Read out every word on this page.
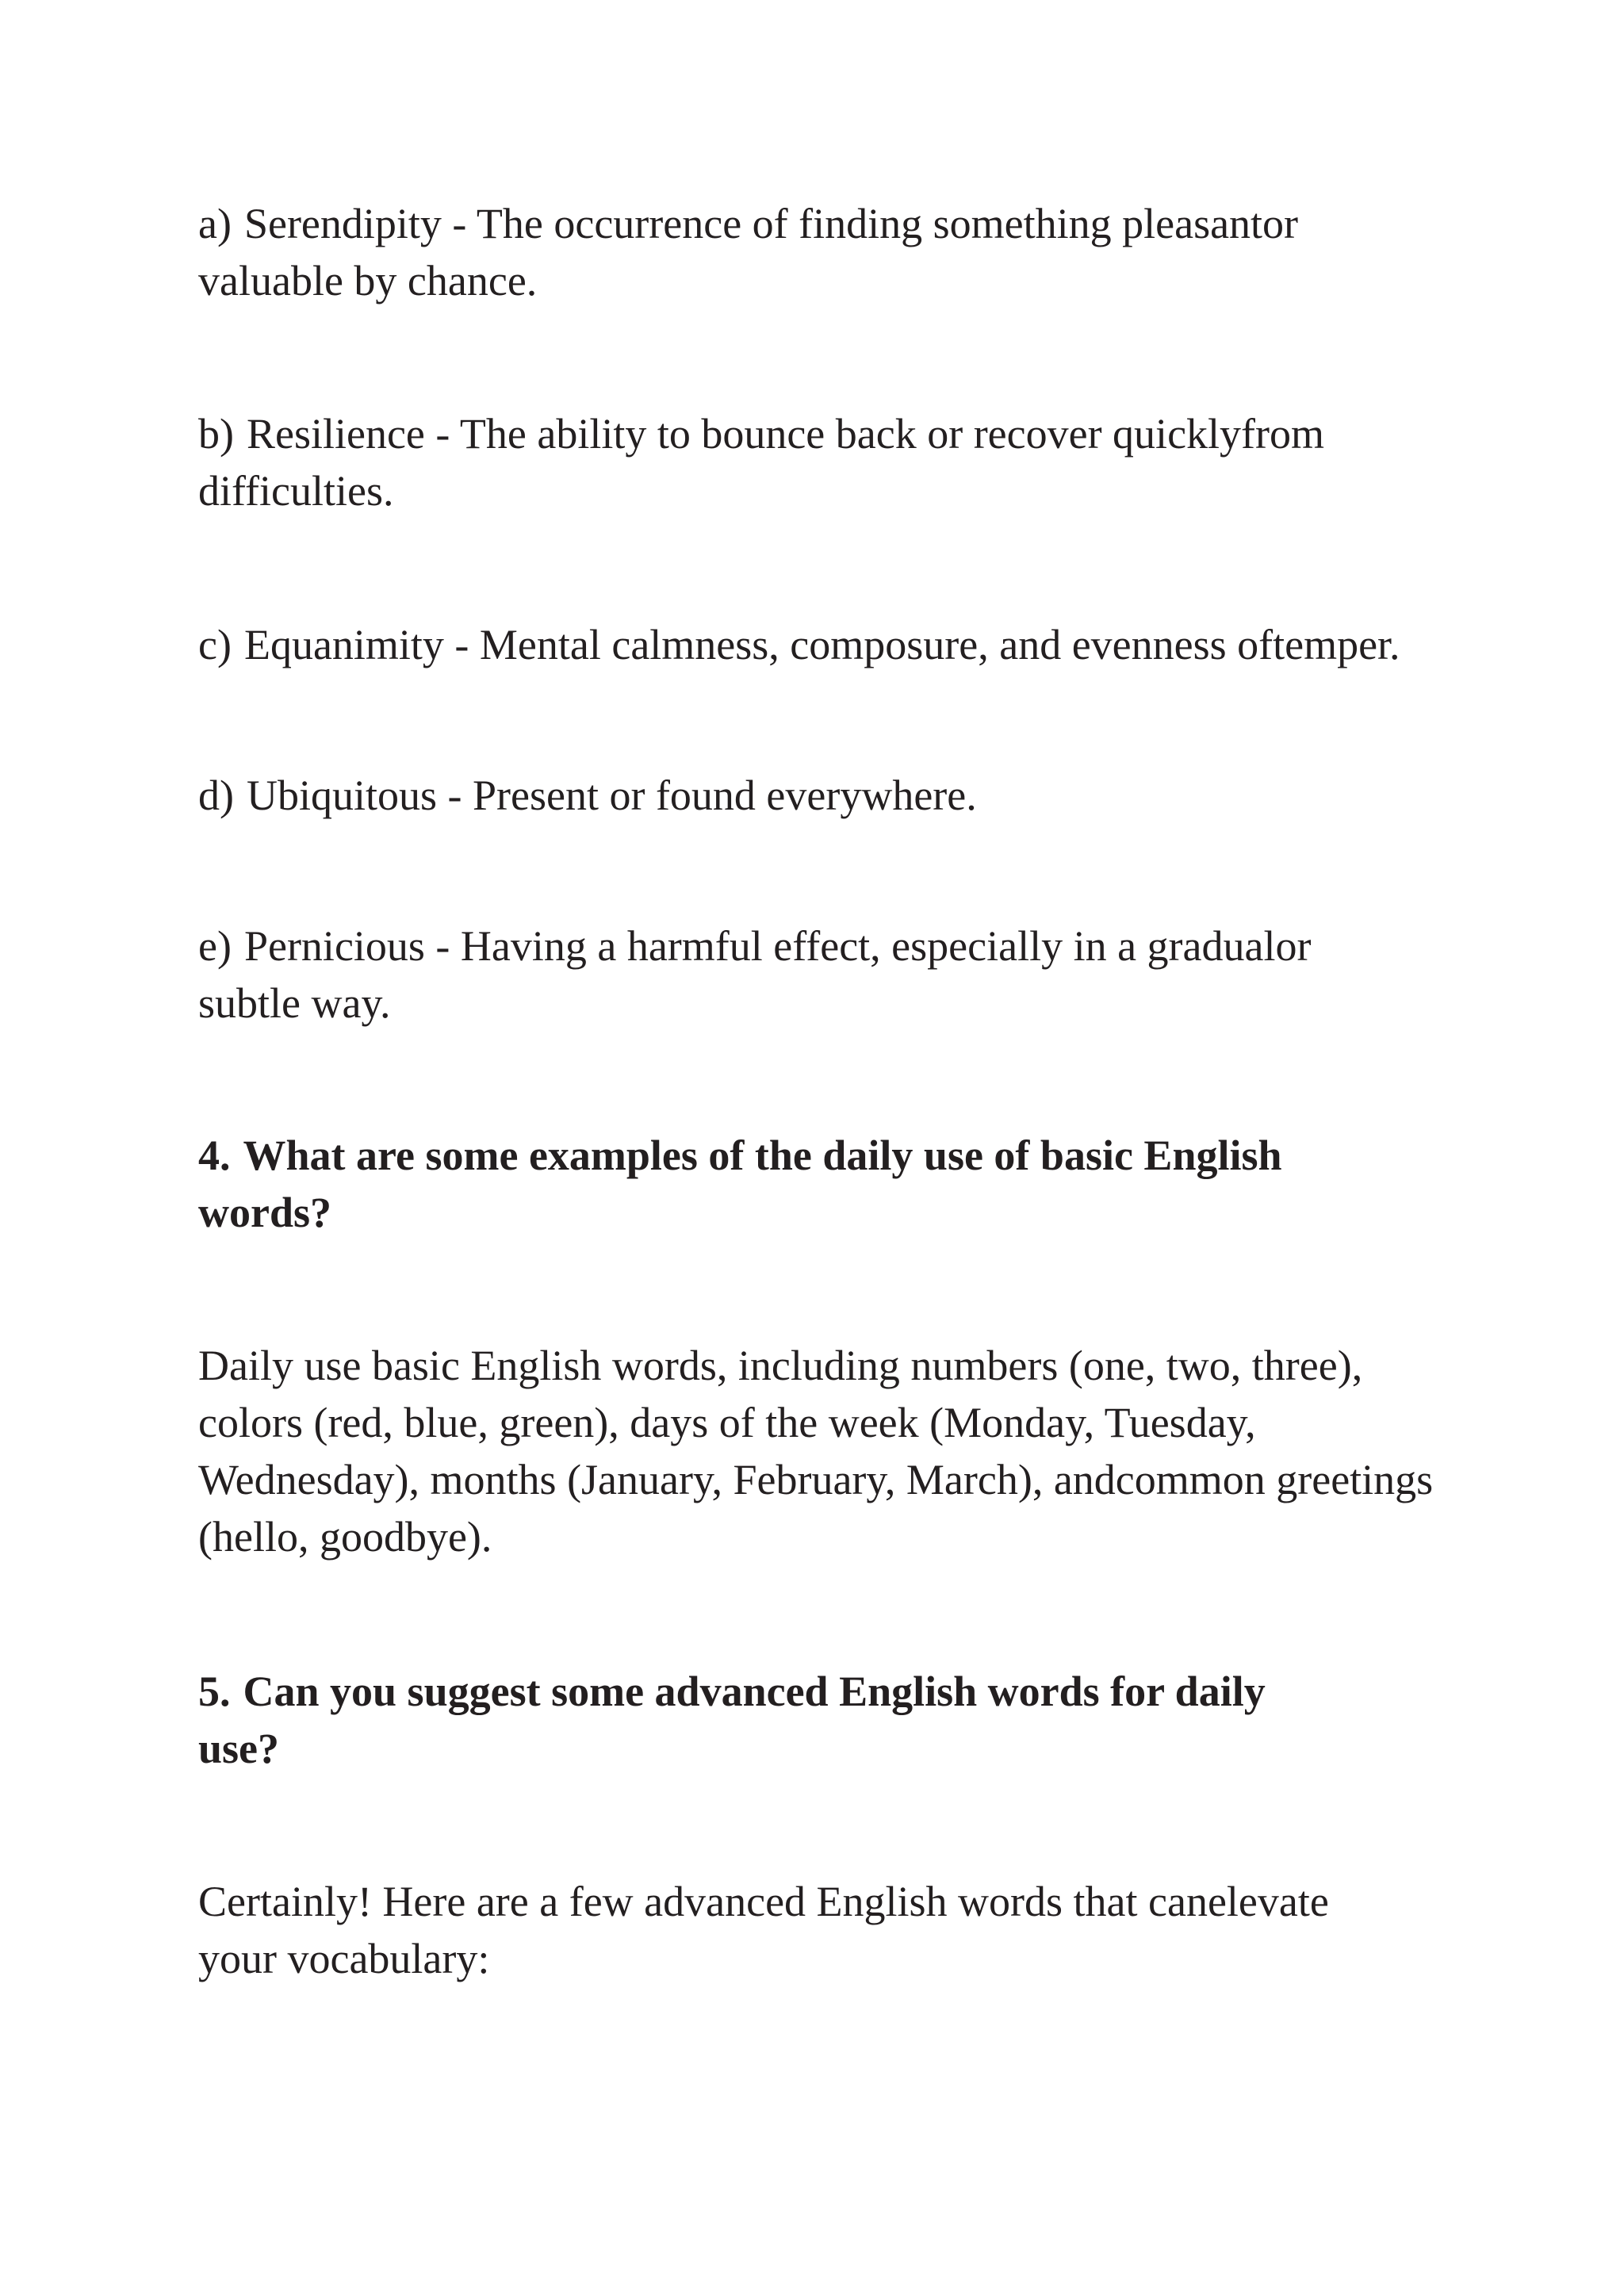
a) Serendipity - The occurrence of finding something pleasantor
valuable by chance.

b) Resilience - The ability to bounce back or recover quicklyfrom
difficulties.

c) Equanimity - Mental calmness, composure, and evenness oftemper.

d) Ubiquitous - Present or found everywhere.

e) Pernicious - Having a harmful effect, especially in a gradualor
subtle way.

4. What are some examples of the daily use of basic English
words?

Daily use basic English words, including numbers (one, two, three),
colors (red, blue, green), days of the week (Monday, Tuesday,
Wednesday), months (January, February, March), andcommon greetings
(hello, goodbye).

5. Can you suggest some advanced English words for daily
use?

Certainly! Here are a few advanced English words that canelevate
your vocabulary:
